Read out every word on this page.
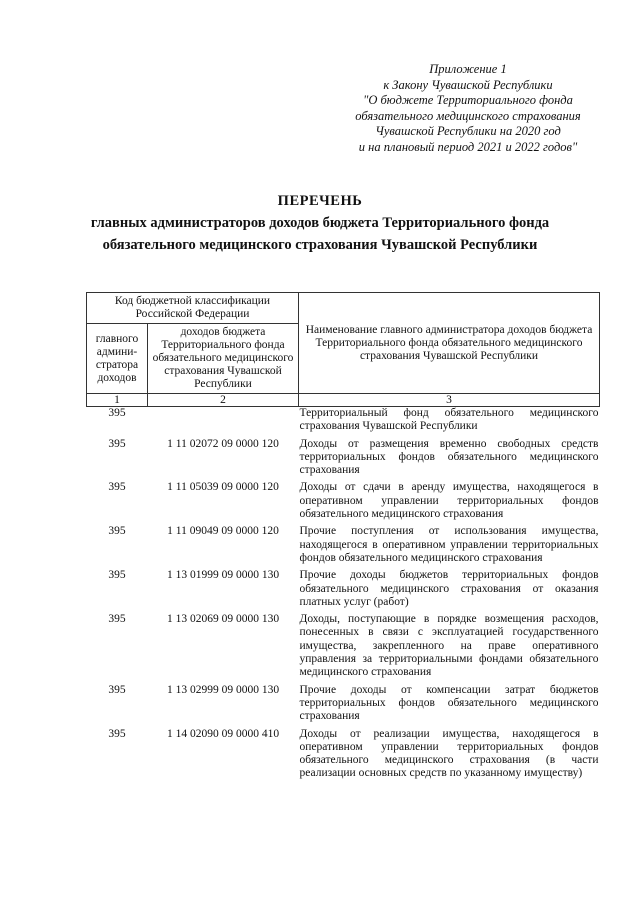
Приложение 1
к Закону Чувашской Республики
"О бюджете Территориального фонда
обязательного медицинского страхования
Чувашской Республики на 2020 год
и на плановый период 2021 и 2022 годов"
ПЕРЕЧЕНЬ
главных администраторов доходов бюджета Территориального фонда
обязательного медицинского страхования Чувашской Республики
Код бюджетной классификации Российской Федерации		Наименование главного администратора доходов бюджета Территориального фонда обязательного медицинского страхования Чувашской Республики
главного админи-стратора доходов	доходов бюджета Территориального фонда обязательного медицинского страхования Чувашской Республики	
1	2	3
395		Территориальный фонд обязательного медицинского страхования Чувашской Республики
395	1 11 02072 09 0000 120	Доходы от размещения временно свободных средств территориальных фондов обязательного медицинского страхования
395	1 11 05039 09 0000 120	Доходы от сдачи в аренду имущества, находящегося в оперативном управлении территориальных фондов обязательного медицинского страхования
395	1 11 09049 09 0000 120	Прочие поступления от использования имущества, находящегося в оперативном управлении территориальных фондов обязательного медицинского страхования
395	1 13 01999 09 0000 130	Прочие доходы бюджетов территориальных фондов обязательного медицинского страхования от оказания платных услуг (работ)
395	1 13 02069 09 0000 130	Доходы, поступающие в порядке возмещения расходов, понесенных в связи с эксплуатацией государственного имущества, закрепленного на праве оперативного управления за территориальными фондами обязательного медицинского страхования
395	1 13 02999 09 0000 130	Прочие доходы от компенсации затрат бюджетов территориальных фондов обязательного медицинского страхования
395	1 14 02090 09 0000 410	Доходы от реализации имущества, находящегося в оперативном управлении территориальных фондов обязательного медицинского страхования (в части реализации основных средств по указанному имуществу)
